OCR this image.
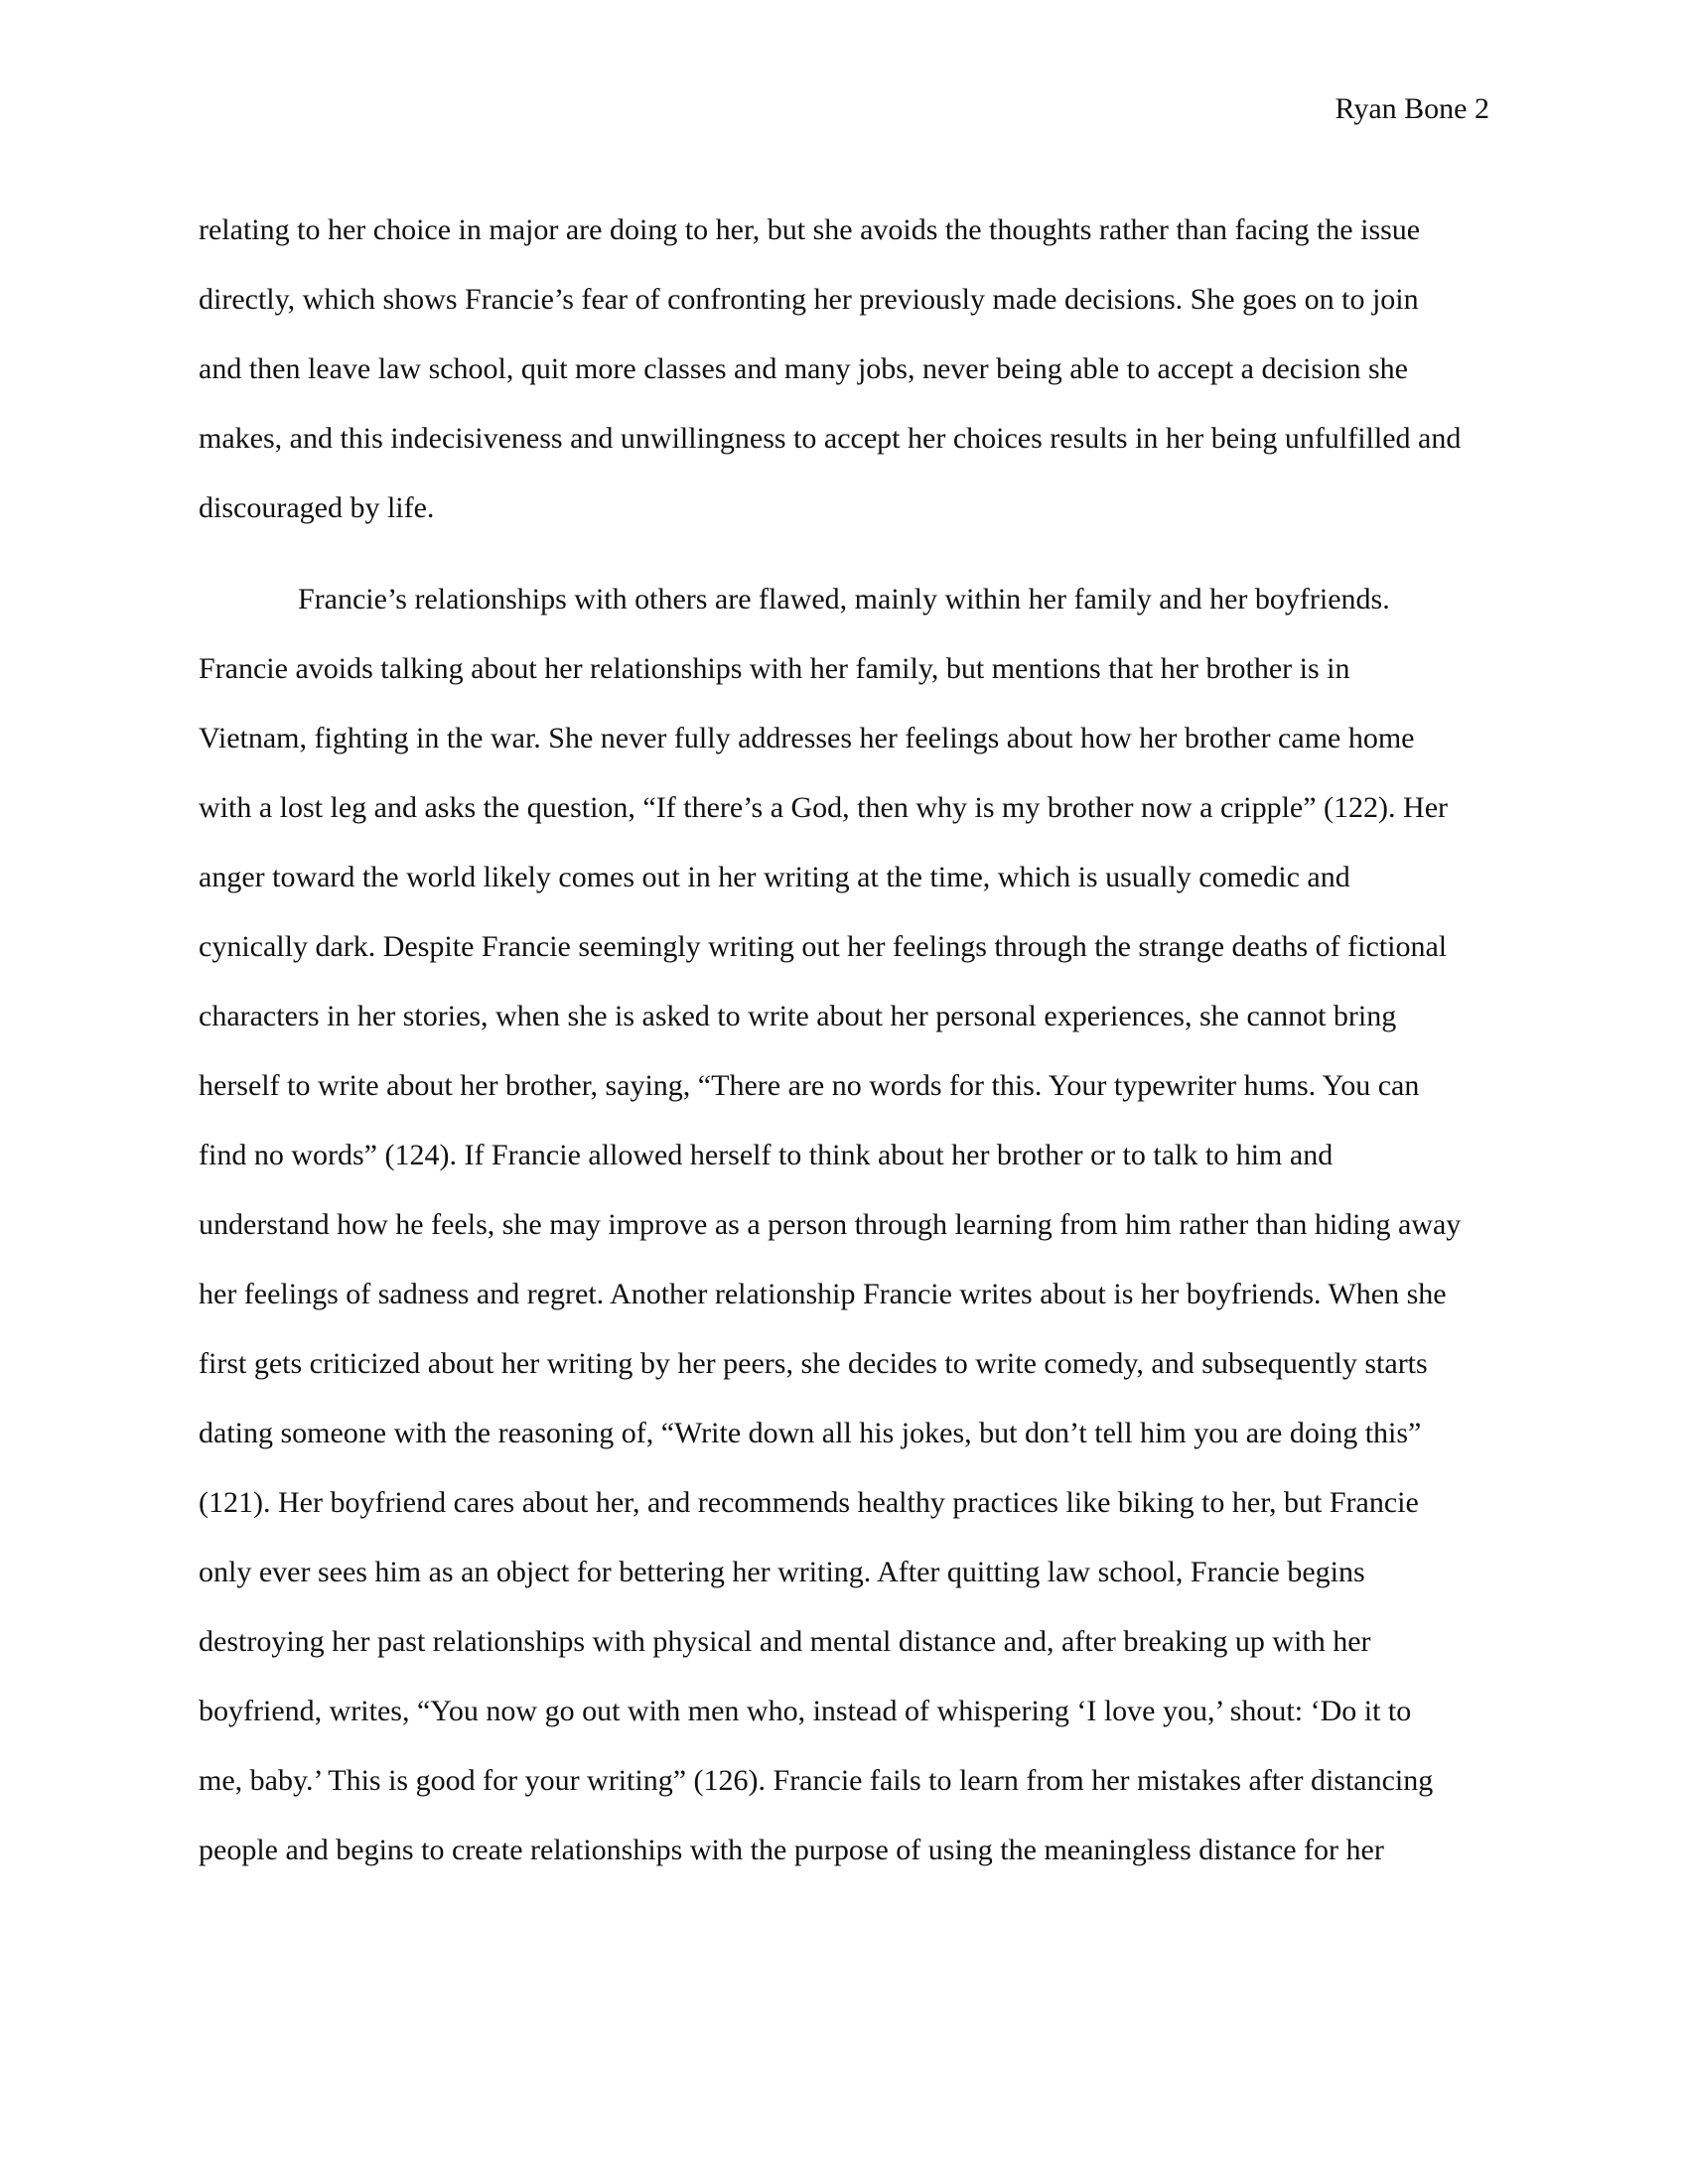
Ryan Bone 2
relating to her choice in major are doing to her, but she avoids the thoughts rather than facing the issue
directly, which shows Francie’s fear of confronting her previously made decisions. She goes on to join
and then leave law school, quit more classes and many jobs, never being able to accept a decision she
makes, and this indecisiveness and unwillingness to accept her choices results in her being unfulfilled and
discouraged by life.
Francie’s relationships with others are flawed, mainly within her family and her boyfriends.
Francie avoids talking about her relationships with her family, but mentions that her brother is in
Vietnam, fighting in the war. She never fully addresses her feelings about how her brother came home
with a lost leg and asks the question, “If there’s a God, then why is my brother now a cripple” (122). Her
anger toward the world likely comes out in her writing at the time, which is usually comedic and
cynically dark. Despite Francie seemingly writing out her feelings through the strange deaths of fictional
characters in her stories, when she is asked to write about her personal experiences, she cannot bring
herself to write about her brother, saying, “There are no words for this. Your typewriter hums. You can
find no words” (124). If Francie allowed herself to think about her brother or to talk to him and
understand how he feels, she may improve as a person through learning from him rather than hiding away
her feelings of sadness and regret. Another relationship Francie writes about is her boyfriends. When she
first gets criticized about her writing by her peers, she decides to write comedy, and subsequently starts
dating someone with the reasoning of, “Write down all his jokes, but don’t tell him you are doing this”
(121). Her boyfriend cares about her, and recommends healthy practices like biking to her, but Francie
only ever sees him as an object for bettering her writing. After quitting law school, Francie begins
destroying her past relationships with physical and mental distance and, after breaking up with her
boyfriend, writes, “You now go out with men who, instead of whispering ‘I love you,’ shout: ‘Do it to
me, baby.’ This is good for your writing” (126). Francie fails to learn from her mistakes after distancing
people and begins to create relationships with the purpose of using the meaningless distance for her
